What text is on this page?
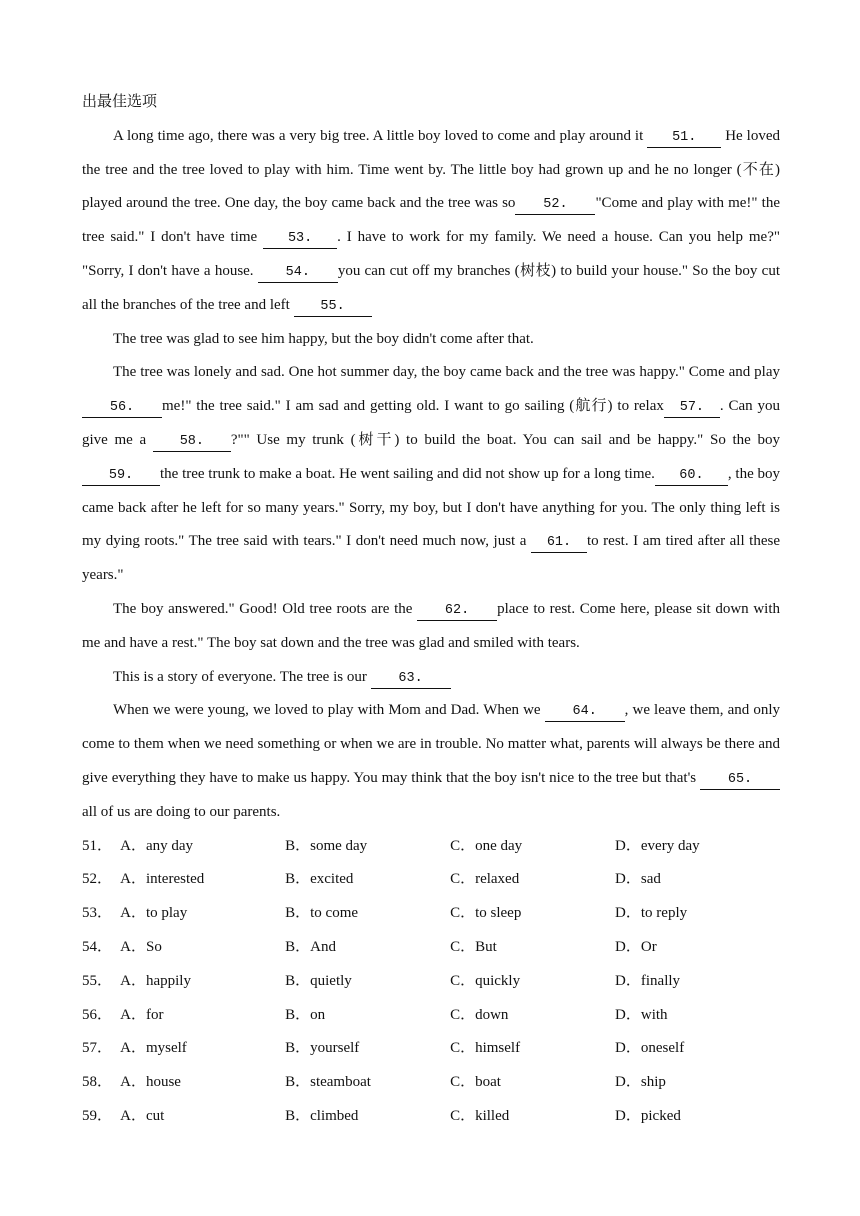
出最佳选项

A long time ago, there was a very big tree. A little boy loved to come and play around it 51. He loved the tree and the tree loved to play with him. Time went by. The little boy had grown up and he no longer (不在) played around the tree. One day, the boy came back and the tree was so 52. "Come and play with me!" the tree said." I don't have time 53. . I have to work for my family. We need a house. Can you help me?" "Sorry, I don't have a house. 54. you can cut off my branches (树枝) to build your house." So the boy cut all the branches of the tree and left 55.

The tree was glad to see him happy, but the boy didn't come after that.

The tree was lonely and sad. One hot summer day, the boy came back and the tree was happy." Come and play56. me!" the tree said." I am sad and getting old. I want to go sailing (航行) to relax 57. . Can you give me a 58. ?"" Use my trunk (树干) to build the boat. You can sail and be happy." So the boy59. the tree trunk to make a boat. He went sailing and did not show up for a long time. 60. , the boy came back after he left for so many years." Sorry, my boy, but I don't have anything for you. The only thing left is my dying roots." The tree said with tears." I don't need much now, just a 61. to rest. I am tired after all these years."

The boy answered." Good! Old tree roots are the 62. place to rest. Come here, please sit down with me and have a rest." The boy sat down and the tree was glad and smiled with tears.

This is a story of everyone. The tree is our 63.

When we were young, we loved to play with Mom and Dad. When we 64. , we leave them, and only come to them when we need something or when we are in trouble. No matter what, parents will always be there and give everything they have to make us happy. You may think that the boy isn't nice to the tree but that's 65.all of us are doing to our parents.

51． A．any day	B．some day	C．one day	D．every day
52． A．interested	B．excited	C．relaxed	D．sad
53． A．to play	B．to come	C．to sleep	D．to reply
54． A．So	B．And	C．But	D．Or
55． A．happily	B．quietly	C．quickly	D．finally
56． A．for	B．on	C．down	D．with
57． A．myself	B．yourself	C．himself	D．oneself
58． A．house	B．steamboat	C．boat	D．ship
59． A．cut	B．climbed	C．killed	D．picked
